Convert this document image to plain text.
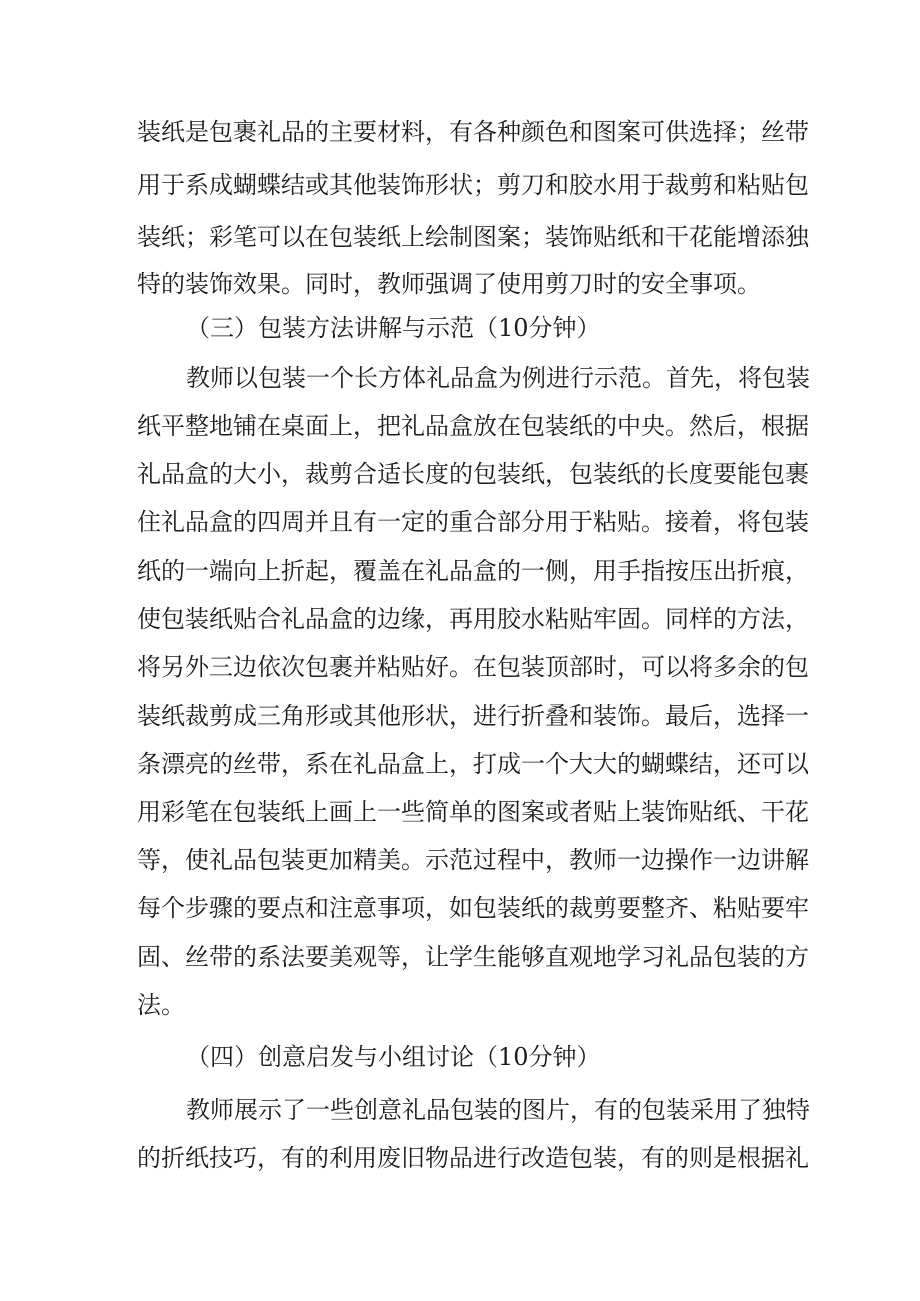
装纸是包裹礼品的主要材料，有各种颜色和图案可供选择；丝带

用于系成蝴蝶结或其他装饰形状；剪刀和胶水用于裁剪和粘贴包

装纸；彩笔可以在包装纸上绘制图案；装饰贴纸和干花能增添独

特的装饰效果。同时，教师强调了使用剪刀时的安全事项。

（三）包装方法讲解与示范（10分钟）

教师以包装一个长方体礼品盒为例进行示范。首先，将包装

纸平整地铺在桌面上，把礼品盒放在包装纸的中央。然后，根据

礼品盒的大小，裁剪合适长度的包装纸，包装纸的长度要能包裹

住礼品盒的四周并且有一定的重合部分用于粘贴。接着，将包装

纸的一端向上折起，覆盖在礼品盒的一侧，用手指按压出折痕，

使包装纸贴合礼品盒的边缘，再用胶水粘贴牢固。同样的方法，

将另外三边依次包裹并粘贴好。在包装顶部时，可以将多余的包

装纸裁剪成三角形或其他形状，进行折叠和装饰。最后，选择一

条漂亮的丝带，系在礼品盒上，打成一个大大的蝴蝶结，还可以

用彩笔在包装纸上画上一些简单的图案或者贴上装饰贴纸、干花

等，使礼品包装更加精美。示范过程中，教师一边操作一边讲解

每个步骤的要点和注意事项，如包装纸的裁剪要整齐、粘贴要牢

固、丝带的系法要美观等，让学生能够直观地学习礼品包装的方

法。

（四）创意启发与小组讨论（10分钟）

教师展示了一些创意礼品包装的图片，有的包装采用了独特

的折纸技巧，有的利用废旧物品进行改造包装，有的则是根据礼
